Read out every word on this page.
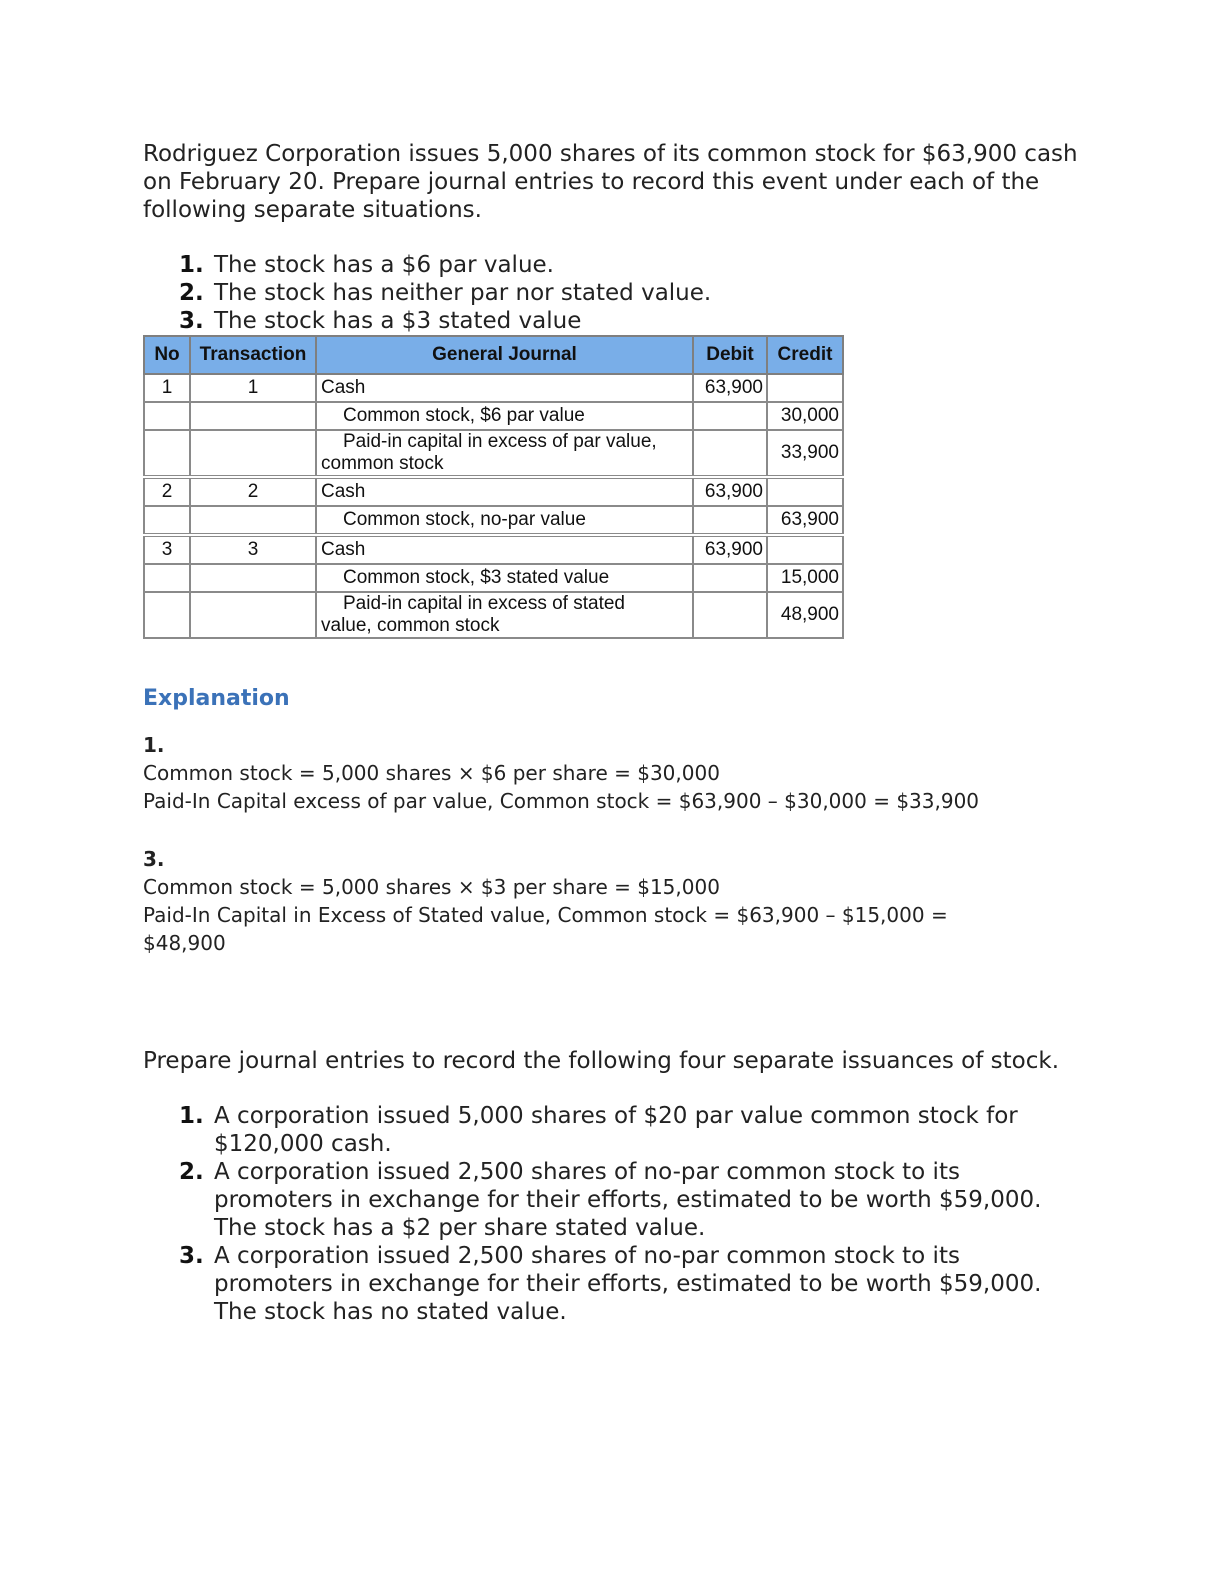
Rodriguez Corporation issues 5,000 shares of its common stock for $63,900 cash on February 20. Prepare journal entries to record this event under each of the following separate situations.

1. The stock has a $6 par value.
2. The stock has neither par nor stated value.
3. The stock has a $3 stated value
No	Transaction	General Journal	Debit	Credit
1	1	Cash	63,900	
		Common stock, $6 par value		30,000
		Paid-in capital in excess of par value,
common stock		33,900
2	2	Cash	63,900	
		Common stock, no-par value		63,900
3	3	Cash	63,900	
		Common stock, $3 stated value		15,000
		Paid-in capital in excess of stated
value, common stock		48,900
Explanation
1.

Common stock = 5,000 shares × $6 per share = $30,000

Paid-In Capital excess of par value, Common stock = $63,900 – $30,000 = $33,900

3.

Common stock = 5,000 shares × $3 per share = $15,000

Paid-In Capital in Excess of Stated value, Common stock = $63,900 – $15,000 =

$48,900

Prepare journal entries to record the following four separate issuances of stock.

1. A corporation issued 5,000 shares of $20 par value common stock for $120,000 cash.
2. A corporation issued 2,500 shares of no-par common stock to its promoters in exchange for their efforts, estimated to be worth $59,000. The stock has a $2 per share stated value.
3. A corporation issued 2,500 shares of no-par common stock to its promoters in exchange for their efforts, estimated to be worth $59,000. The stock has no stated value.
